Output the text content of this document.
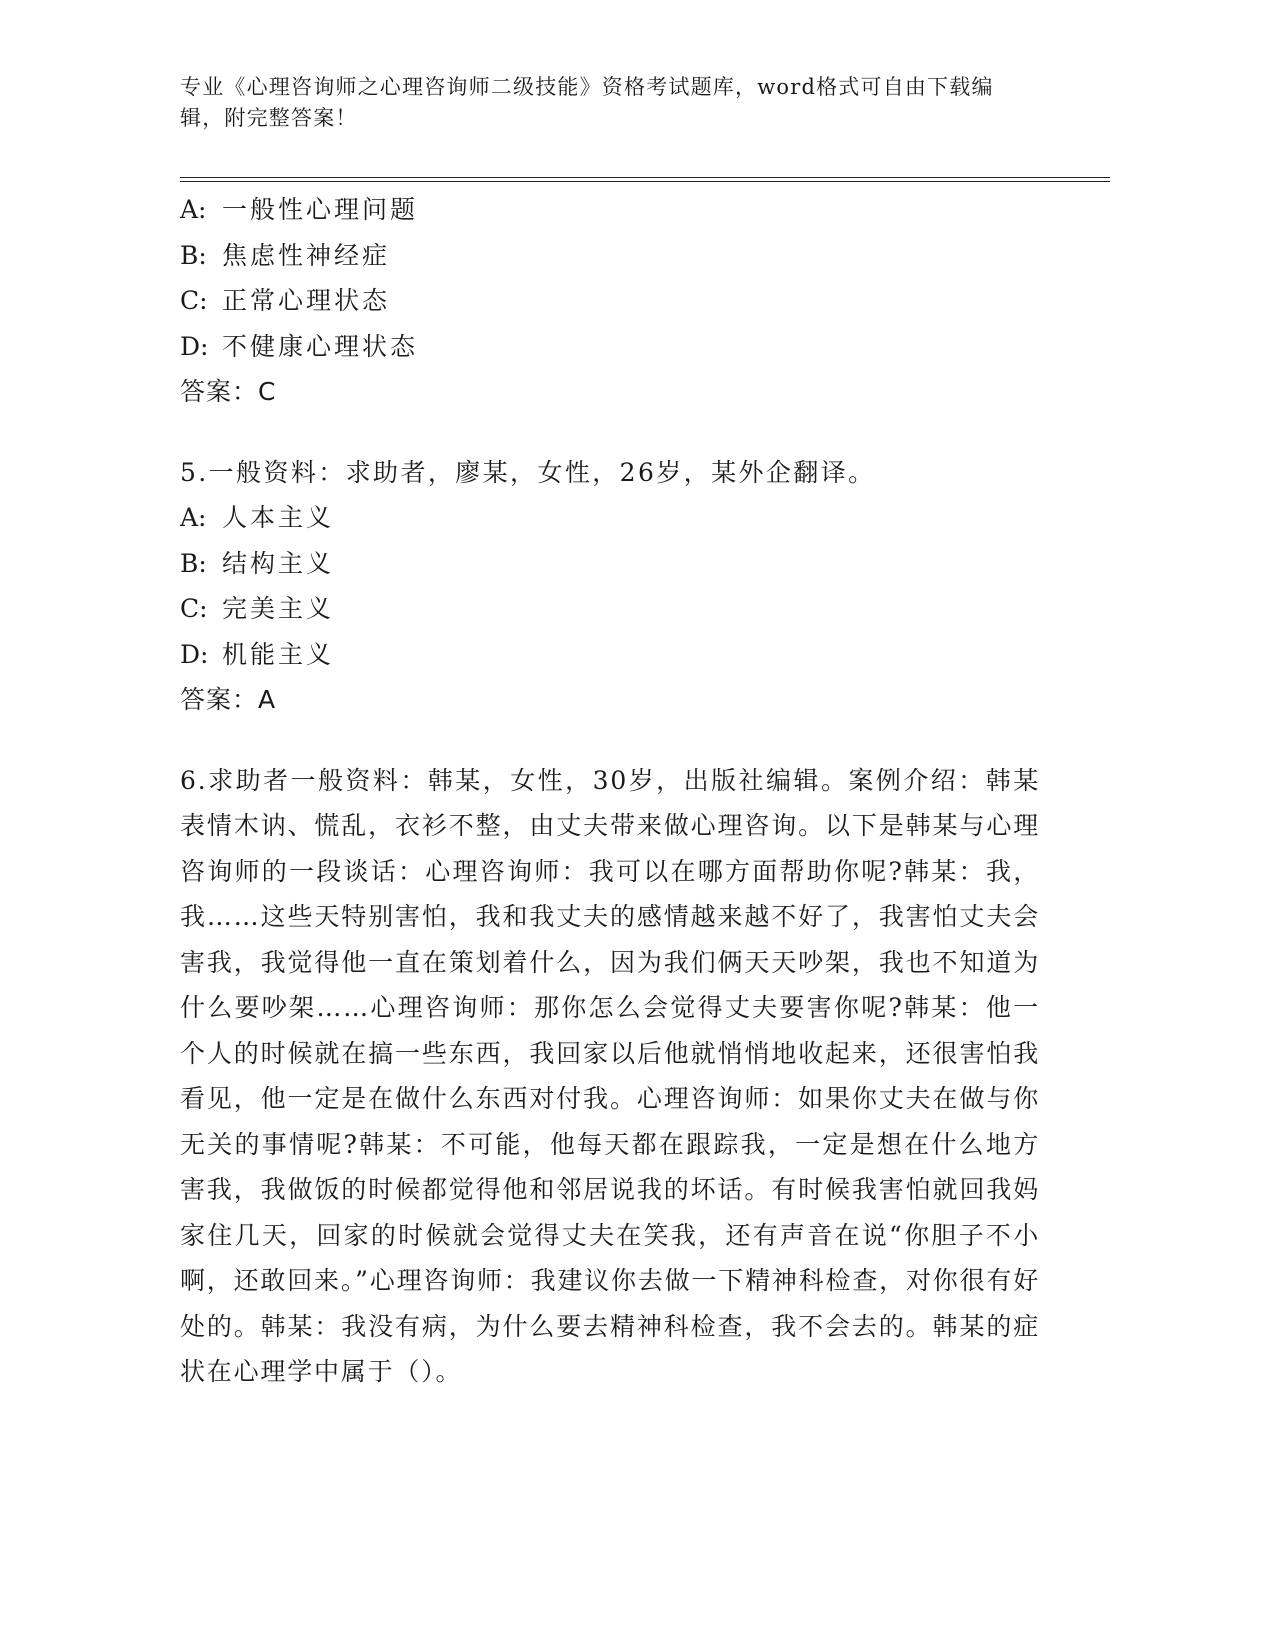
专业《心理咨询师之心理咨询师二级技能》资格考试题库，word格式可自由下载编辑，附完整答案！
A: 一般性心理问题
B: 焦虑性神经症
C: 正常心理状态
D: 不健康心理状态
答案：C
5.一般资料：求助者，廖某，女性，26岁，某外企翻译。
A: 人本主义
B: 结构主义
C: 完美主义
D: 机能主义
答案：A
6.求助者一般资料：韩某，女性，30岁，出版社编辑。案例介绍：韩某表情木讷、慌乱，衣衫不整，由丈夫带来做心理咨询。以下是韩某与心理咨询师的一段谈话：心理咨询师：我可以在哪方面帮助你呢?韩某：我，我……这些天特别害怕，我和我丈夫的感情越来越不好了，我害怕丈夫会害我，我觉得他一直在策划着什么，因为我们俩天天吵架，我也不知道为什么要吵架……心理咨询师：那你怎么会觉得丈夫要害你呢?韩某：他一个人的时候就在搞一些东西，我回家以后他就悄悄地收起来，还很害怕我看见，他一定是在做什么东西对付我。心理咨询师：如果你丈夫在做与你无关的事情呢?韩某：不可能，他每天都在跟踪我，一定是想在什么地方害我，我做饭的时候都觉得他和邻居说我的坏话。有时候我害怕就回我妈家住几天，回家的时候就会觉得丈夫在笑我，还有声音在说“你胆子不小啊，还敢回来。”心理咨询师：我建议你去做一下精神科检查，对你很有好处的。韩某：我没有病，为什么要去精神科检查，我不会去的。韩某的症状在心理学中属于（）。
